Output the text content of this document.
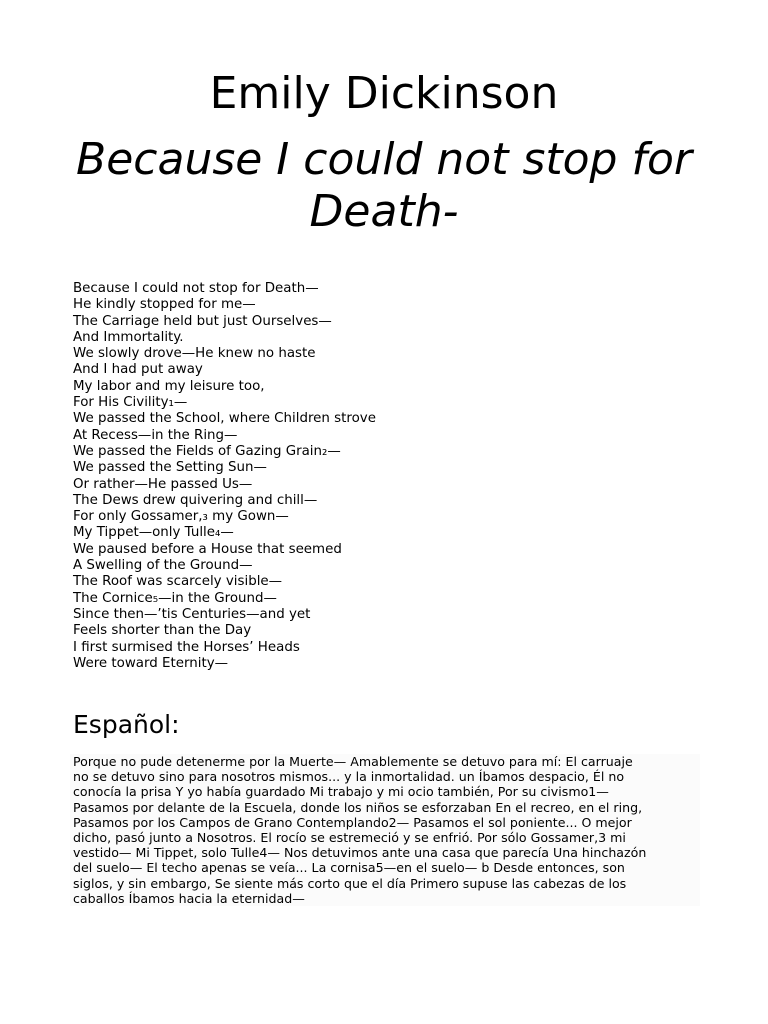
Emily Dickinson
Because I could not stop for Death-
Because I could not stop for Death—
He kindly stopped for me—
The Carriage held but just Ourselves—
And Immortality.
We slowly drove—He knew no haste
And I had put away
My labor and my leisure too,
For His Civility₁—
We passed the School, where Children strove
At Recess—in the Ring—
We passed the Fields of Gazing Grain₂—
We passed the Setting Sun—
Or rather—He passed Us—
The Dews drew quivering and chill—
For only Gossamer,₃ my Gown—
My Tippet—only Tulle₄—
We paused before a House that seemed
A Swelling of the Ground—
The Roof was scarcely visible—
The Cornice₅—in the Ground—
Since then—’tis Centuries—and yet
Feels shorter than the Day
I first surmised the Horses’ Heads
Were toward Eternity—
Español:
Porque no pude detenerme por la Muerte— Amablemente se detuvo para mí: El carruaje
no se detuvo sino para nosotros mismos... y la inmortalidad. un Íbamos despacio, Él no
conocía la prisa Y yo había guardado Mi trabajo y mi ocio también, Por su civismo1—
Pasamos por delante de la Escuela, donde los niños se esforzaban En el recreo, en el ring,
Pasamos por los Campos de Grano Contemplando2— Pasamos el sol poniente... O mejor
dicho, pasó junto a Nosotros. El rocío se estremeció y se enfrió. Por sólo Gossamer,3 mi
vestido— Mi Tippet, solo Tulle4— Nos detuvimos ante una casa que parecía Una hinchazón
del suelo— El techo apenas se veía... La cornisa5—en el suelo— b Desde entonces, son
siglos, y sin embargo, Se siente más corto que el día Primero supuse las cabezas de los
caballos Íbamos hacia la eternidad—
